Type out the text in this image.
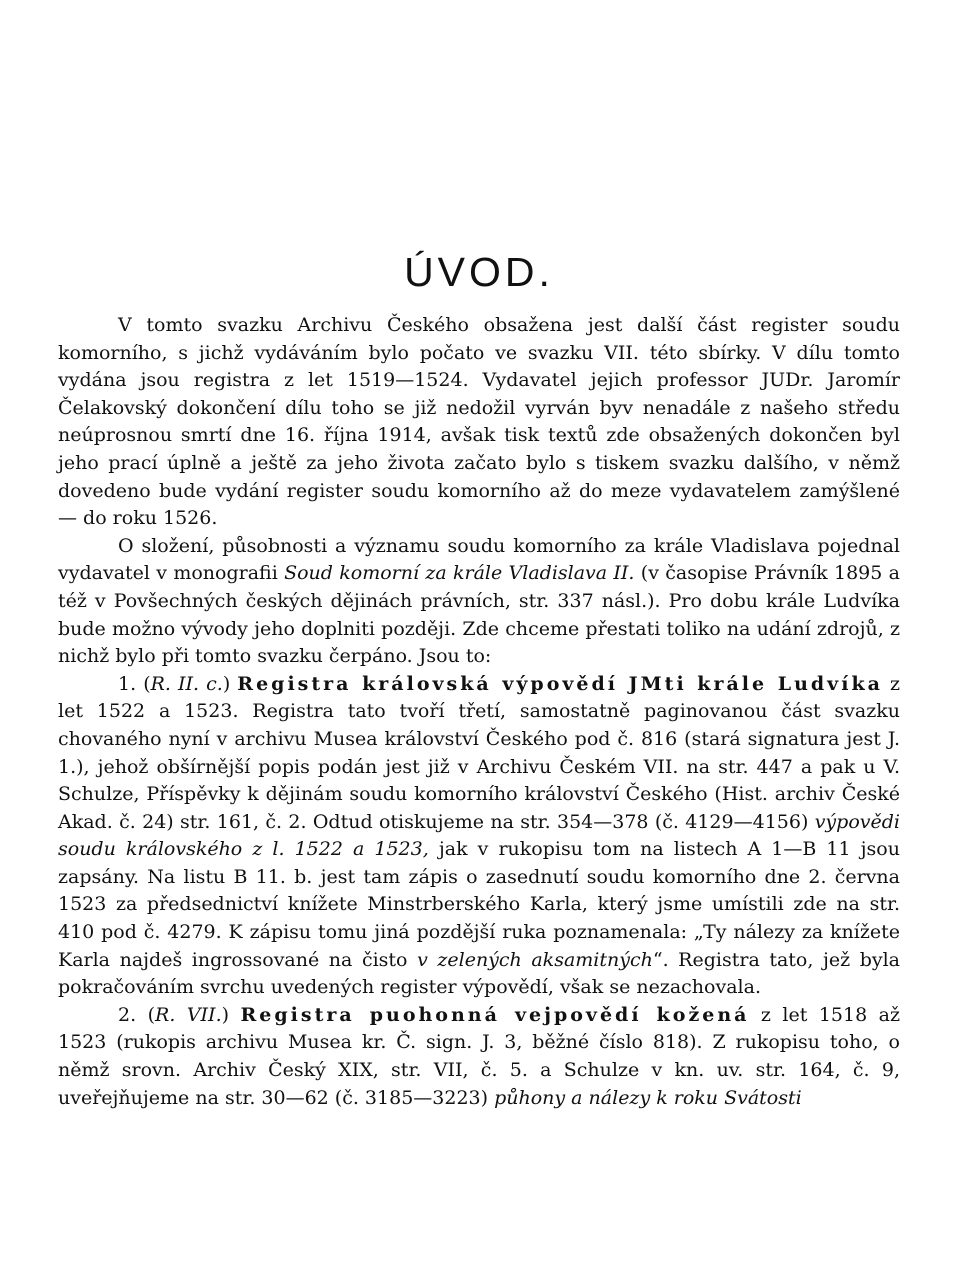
ÚVOD.

V tomto svazku Archivu Českého obsažena jest další část register soudu komorního, s jichž vydáváním bylo počato ve svazku VII. této sbírky. V dílu tomto vydána jsou registra z let 1519—1524. Vydavatel jejich professor JUDr. Jaromír Čelakovský dokončení dílu toho se již nedožil vyrván byv nenadále z našeho středu neúprosnou smrtí dne 16. října 1914, avšak tisk textů zde obsažených dokončen byl jeho prací úplně a ještě za jeho života začato bylo s tiskem svazku dalšího, v němž dovedeno bude vydání register soudu komorního až do meze vydavatelem zamýšlené — do roku 1526.

O složení, působnosti a významu soudu komorního za krále Vladislava pojednal vydavatel v monografii Soud komorní za krále Vladislava II. (v časopise Právník 1895 a též v Povšechných českých dějinách právních, str. 337 násl.). Pro dobu krále Ludvíka bude možno vývody jeho doplniti později. Zde chceme přestati toliko na udání zdrojů, z nichž bylo při tomto svazku čerpáno. Jsou to:

1. (R. II. c.) Registra královská výpovědí JMti krále Ludvíka z let 1522 a 1523. Registra tato tvoří třetí, samostatně paginovanou část svazku chovaného nyní v archivu Musea království Českého pod č. 816 (stará signatura jest J. 1.), jehož obšírnější popis podán jest již v Archivu Českém VII. na str. 447 a pak u V. Schulze, Příspěvky k dějinám soudu komorního království Českého (Hist. archiv České Akad. č. 24) str. 161, č. 2. Odtud otiskujeme na str. 354—378 (č. 4129—4156) výpovědi soudu královského z l. 1522 a 1523, jak v rukopisu tom na listech A 1—B 11 jsou zapsány. Na listu B 11. b. jest tam zápis o zasednutí soudu komorního dne 2. června 1523 za předsednictví knížete Minstrberského Karla, který jsme umístili zde na str. 410 pod č. 4279. K zápisu tomu jiná pozdější ruka poznamenala: „Ty nálezy za knížete Karla najdeš ingrossované na čisto v zelených aksamitných“. Registra tato, jež byla pokračováním svrchu uvedených register výpovědí, však se nezachovala.

2. (R. VII.) Registra puohonná vejpovědí kožená z let 1518 až 1523 (rukopis archivu Musea kr. Č. sign. J. 3, běžné číslo 818). Z rukopisu toho, o němž srovn. Archiv Český XIX, str. VII, č. 5. a Schulze v kn. uv. str. 164, č. 9, uveřejňujeme na str. 30—62 (č. 3185—3223) půhony a nálezy k roku Svátosti
